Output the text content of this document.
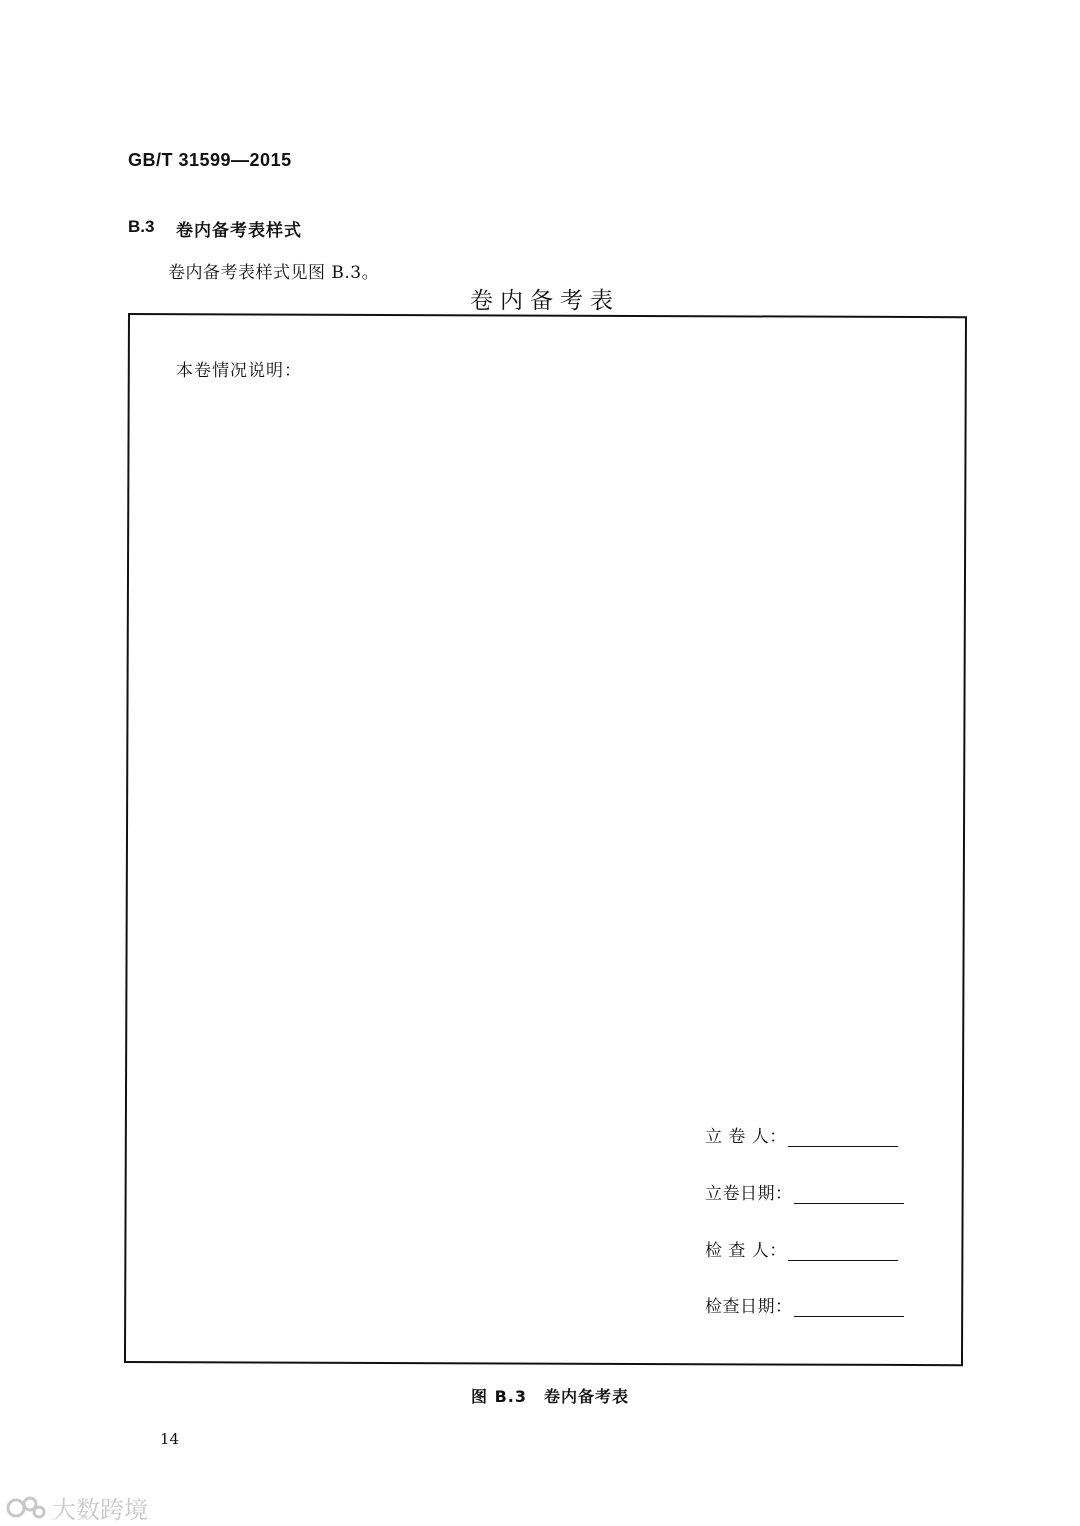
GB/T 31599—2015
B.3 卷内备考表样式
卷内备考表样式见图 B.3。
卷内备考表
本卷情况说明：
立 卷 人：
立卷日期：
检 查 人：
检查日期：
图 B.3　卷内备考表
14
大数跨境
